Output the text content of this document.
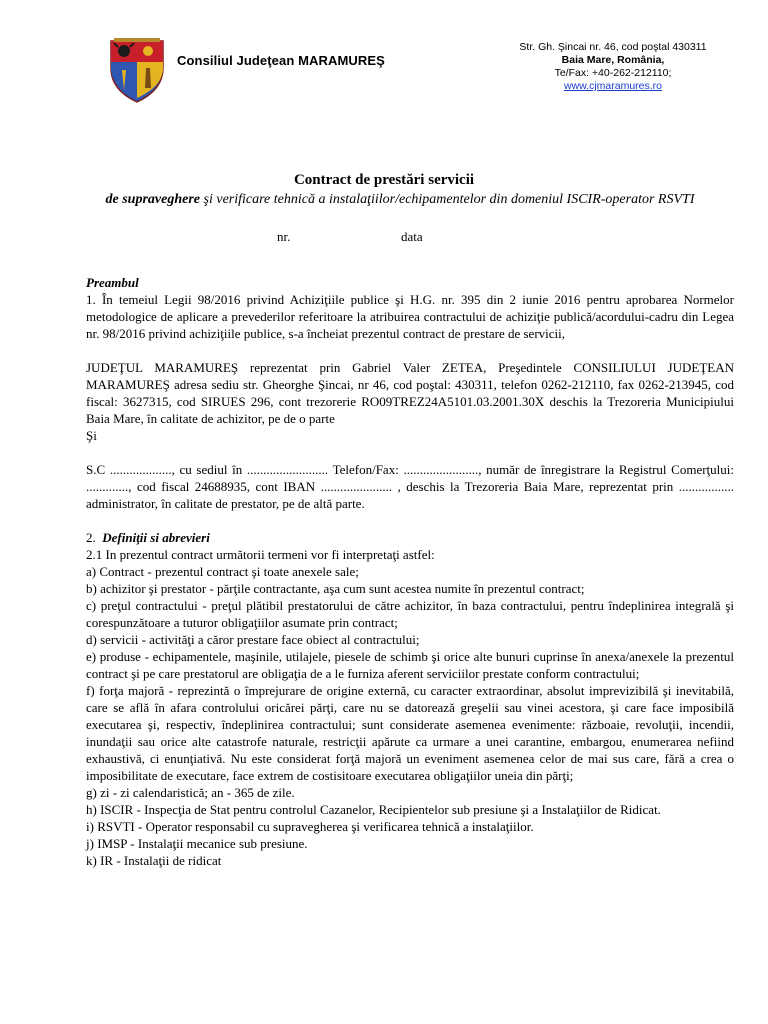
Consiliul Judeţean MARAMUREŞ
Str. Gh. Şincai nr. 46, cod poştal 430311
Baia Mare, România,
Te/Fax: +40-262-212110;
www.cjmaramures.ro
Contract de prestări servicii
de supraveghere şi verificare tehnică a instalaţiilor/echipamentelor din domeniul ISCIR-operator RSVTI
nr.	data

Preambul

1. În temeiul Legii 98/2016 privind Achiziţiile publice şi H.G. nr. 395 din 2 iunie 2016 pentru aprobarea Normelor metodologice de aplicare a prevederilor referitoare la atribuirea contractului de achiziţie publică/acordului-cadru din Legea nr. 98/2016 privind achiziţiile publice, s-a încheiat prezentul contract de prestare de servicii,

JUDEŢUL MARAMUREŞ reprezentat prin Gabriel Valer ZETEA, Preşedintele CONSILIULUI JUDEŢEAN MARAMUREŞ adresa sediu str. Gheorghe Şincai, nr 46, cod poştal: 430311, telefon 0262-212110, fax 0262-213945, cod fiscal: 3627315, cod SIRUES 296, cont trezorerie RO09TREZ24A5101.03.2001.30X deschis la Trezoreria Municipiului Baia Mare, în calitate de achizitor, pe de o parte

Şi

S.C ..................., cu sediul în ......................... Telefon/Fax: ......................., număr de înregistrare la Registrul Comerţului: ............., cod fiscal 24688935, cont IBAN ...................... , deschis la Trezoreria Baia Mare, reprezentat prin ................. administrator, în calitate de prestator, pe de altă parte.

2. Definiţii si abrevieri

2.1 In prezentul contract următorii termeni vor fi interpretaţi astfel:

a) Contract - prezentul contract şi toate anexele sale;

b) achizitor şi prestator - părţile contractante, aşa cum sunt acestea numite în prezentul contract;

c) preţul contractului - preţul plătibil prestatorului de către achizitor, în baza contractului, pentru îndeplinirea integrală şi corespunzătoare a tuturor obligaţiilor asumate prin contract;

d) servicii - activităţi a căror prestare face obiect al contractului;

e) produse - echipamentele, maşinile, utilajele, piesele de schimb şi orice alte bunuri cuprinse în anexa/anexele la prezentul contract şi pe care prestatorul are obligaţia de a le furniza aferent serviciilor prestate conform contractului;

f) forţa majoră - reprezintă o împrejurare de origine externă, cu caracter extraordinar, absolut imprevizibilă şi inevitabilă, care se află în afara controlului oricărei părţi, care nu se datorează greşelii sau vinei acestora, şi care face imposibilă executarea şi, respectiv, îndeplinirea contractului; sunt considerate asemenea evenimente: războaie, revoluţii, incendii, inundaţii sau orice alte catastrofe naturale, restricţii apărute ca urmare a unei carantine, embargou, enumerarea nefiind exhaustivă, ci enunţiativă. Nu este considerat forţă majoră un eveniment asemenea celor de mai sus care, fără a crea o imposibilitate de executare, face extrem de costisitoare executarea obligaţiilor uneia din părţi;

g) zi - zi calendaristică; an - 365 de zile.

h) ISCIR - Inspecţia de Stat pentru controlul Cazanelor, Recipientelor sub presiune şi a Instalaţiilor de Ridicat.

i) RSVTI - Operator responsabil cu supravegherea şi verificarea tehnică a instalaţiilor.

j) IMSP - Instalaţii mecanice sub presiune.

k) IR - Instalaţii de ridicat
